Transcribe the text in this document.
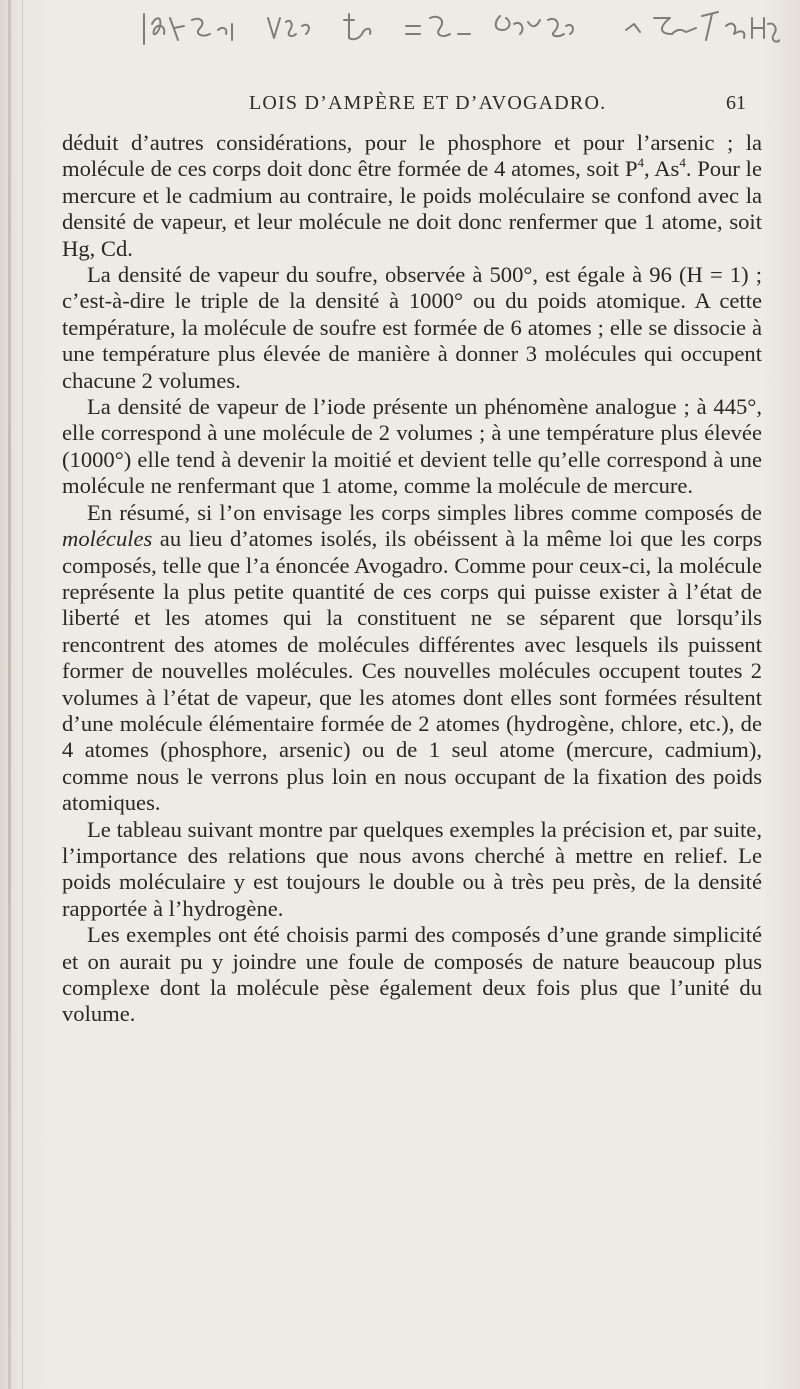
LOIS D’AMPÈRE ET D’AVOGADRO.	61

déduit d’autres considérations, pour le phosphore et pour l’arsenic ; la molécule de ces corps doit donc être formée de 4 atomes, soit $P^4$, As$^4$. Pour le mercure et le cadmium au contraire, le poids moléculaire se confond avec la densité de vapeur, et leur molécule ne doit donc renfermer que 1 atome, soit Hg, Cd.

La densité de vapeur du soufre, observée à 500°, est égale à 96 (H = 1) ; c’est-à-dire le triple de la densité à 1000° ou du poids atomique. A cette température, la molécule de soufre est formée de 6 atomes ; elle se dissocie à une température plus élevée de manière à donner 3 molécules qui occupent chacune 2 volumes.

La densité de vapeur de l’iode présente un phénomène analogue ; à 445°, elle correspond à une molécule de 2 volumes ; à une température plus élevée (1000°) elle tend à devenir la moitié et devient telle qu’elle correspond à une molécule ne renfermant que 1 atome, comme la molécule de mercure.

En résumé, si l’on envisage les corps simples libres comme composés de molécules au lieu d’atomes isolés, ils obéissent à la même loi que les corps composés, telle que l’a énoncée Avogadro. Comme pour ceux-ci, la molécule représente la plus petite quantité de ces corps qui puisse exister à l’état de liberté et les atomes qui la constituent ne se séparent que lorsqu’ils rencontrent des atomes de molécules différentes avec lesquels ils puissent former de nouvelles molécules. Ces nouvelles molécules occupent toutes 2 volumes à l’état de vapeur, que les atomes dont elles sont formées résultent d’une molécule élémentaire formée de 2 atomes (hydrogène, chlore, etc.), de 4 atomes (phosphore, arsenic) ou de 1 seul atome (mercure, cadmium), comme nous le verrons plus loin en nous occupant de la fixation des poids atomiques.

Le tableau suivant montre par quelques exemples la précision et, par suite, l’importance des relations que nous avons cherché à mettre en relief. Le poids moléculaire y est toujours le double ou à très peu près, de la densité rapportée à l’hydrogène.

Les exemples ont été choisis parmi des composés d’une grande simplicité et on aurait pu y joindre une foule de composés de nature beaucoup plus complexe dont la molécule pèse également deux fois plus que l’unité du volume.
